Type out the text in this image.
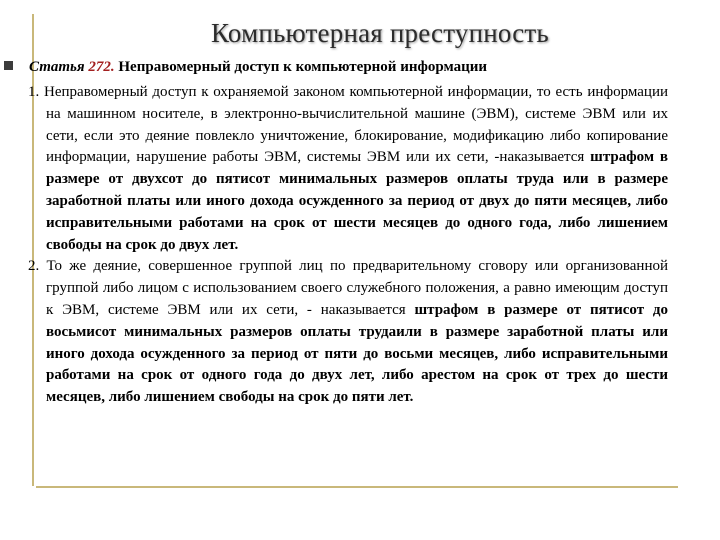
Компьютерная преступность
Статья 272. Неправомерный доступ к компьютерной информации

1. Неправомерный доступ к охраняемой законом компьютерной информации, то есть информации на машинном носителе, в электронно-вычислительной машине (ЭВМ), системе ЭВМ или их сети, если это деяние повлекло уничтожение, блокирование, модификацию либо копирование информации, нарушение работы ЭВМ, системы ЭВМ или их сети, -наказывается штрафом в размере от двухсот до пятисот минимальных размеров оплаты труда или в размере заработной платы или иного дохода осужденного за период от двух до пяти месяцев, либо исправительными работами на срок от шести месяцев до одного года, либо лишением свободы на срок до двух лет.

2. То же деяние, совершенное группой лиц по предварительному сговору или организованной группой либо лицом с использованием своего служебного положения, а равно имеющим доступ к ЭВМ, системе ЭВМ или их сети, - наказывается штрафом в размере от пятисот до восьмисот минимальных размеров оплаты трудаили в размере заработной платы или иного дохода осужденного за период от пяти до восьми месяцев, либо исправительными работами на срок от одного года до двух лет, либо арестом на срок от трех до шести месяцев, либо лишением свободы на срок до пяти лет.
